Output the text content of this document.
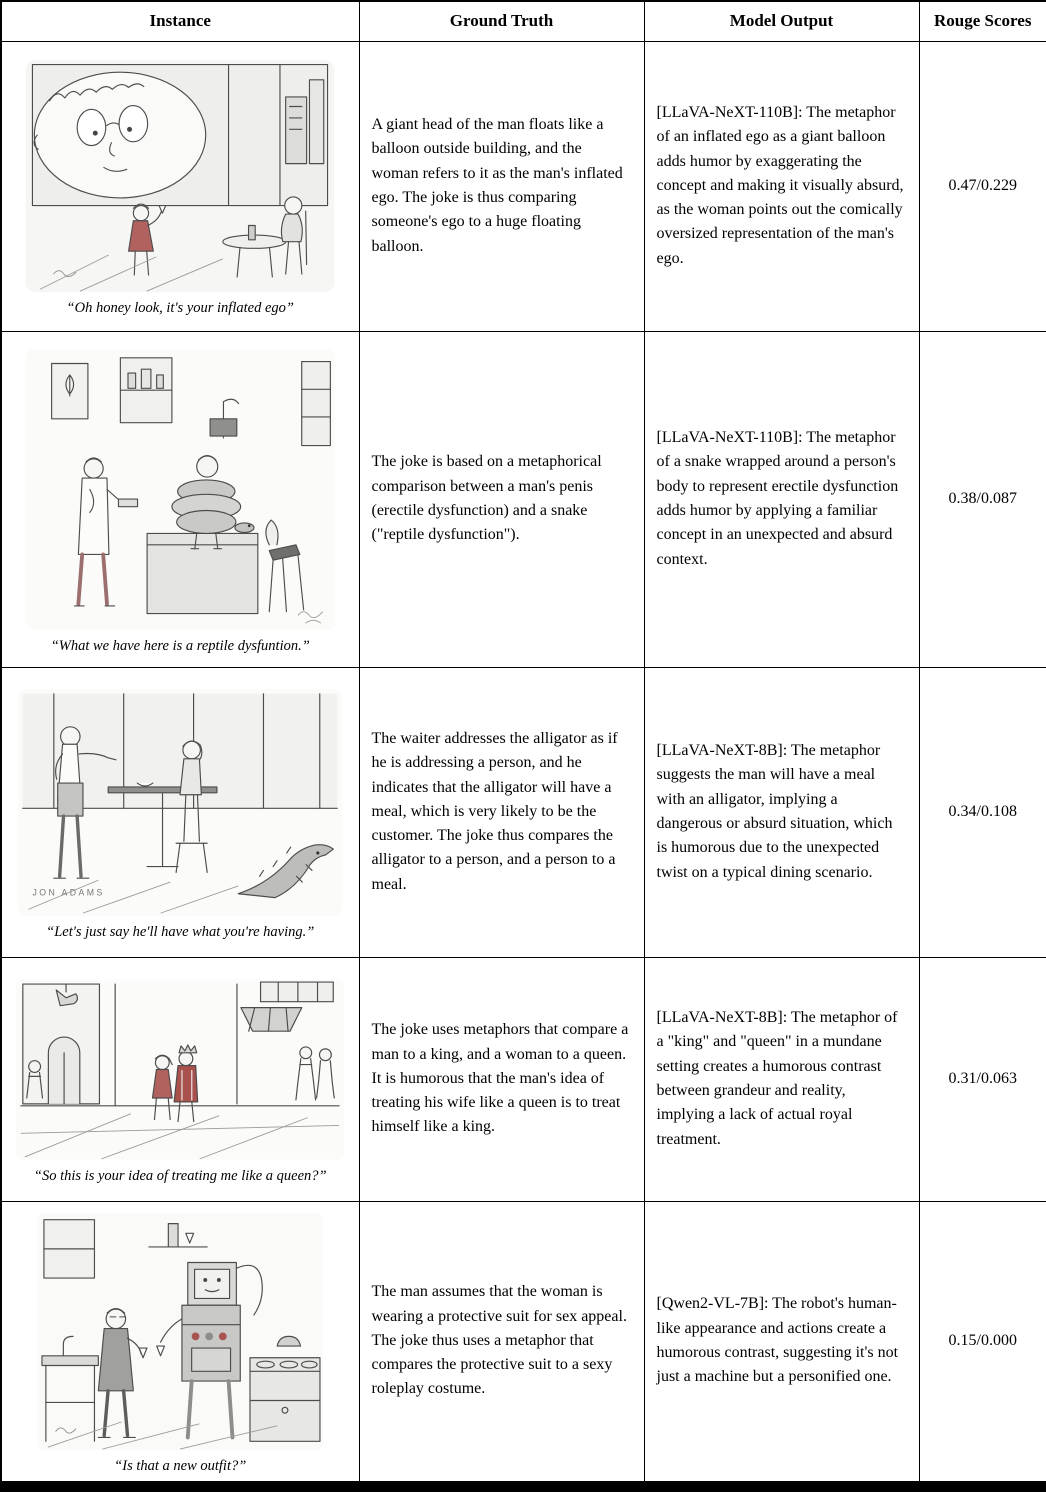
Instance	Ground Truth	Model Output	Rouge Scores

“Oh honey look, it's your inflated ego”	A giant head of the man floats like a balloon outside building, and the woman refers to it as the man's inflated ego. The joke is thus comparing someone's ego to a huge floating balloon.	[LLaVA-NeXT-110B]: The metaphor of an inflated ego as a giant balloon adds humor by exaggerating the concept and making it visually absurd, as the woman points out the comically oversized representation of the man's ego.	0.47/0.229

“What we have here is a reptile dysfuntion.”	The joke is based on a metaphorical comparison between a man's penis (erectile dysfunction) and a snake ("reptile dysfunction").	[LLaVA-NeXT-110B]: The metaphor of a snake wrapped around a person's body to represent erectile dysfunction adds humor by applying a familiar concept in an unexpected and absurd context.	0.38/0.087

JON ADAMS
“Let's just say he'll have what you're having.”	The waiter addresses the alligator as if he is addressing a person, and he indicates that the alligator will have a meal, which is very likely to be the customer. The joke thus compares the alligator to a person, and a person to a meal.	[LLaVA-NeXT-8B]: The metaphor suggests the man will have a meal with an alligator, implying a dangerous or absurd situation, which is humorous due to the unexpected twist on a typical dining scenario.	0.34/0.108

“So this is your idea of treating me like a queen?”	The joke uses metaphors that compare a man to a king, and a woman to a queen. It is humorous that the man's idea of treating his wife like a queen is to treat himself like a king.	[LLaVA-NeXT-8B]: The metaphor of a "king" and "queen" in a mundane setting creates a humorous contrast between grandeur and reality, implying a lack of actual royal treatment.	0.31/0.063

“Is that a new outfit?”	The man assumes that the woman is wearing a protective suit for sex appeal. The joke thus uses a metaphor that compares the protective suit to a sexy roleplay costume.	[Qwen2-VL-7B]: The robot's human-like appearance and actions create a humorous contrast, suggesting it's not just a machine but a personified one.	0.15/0.000
